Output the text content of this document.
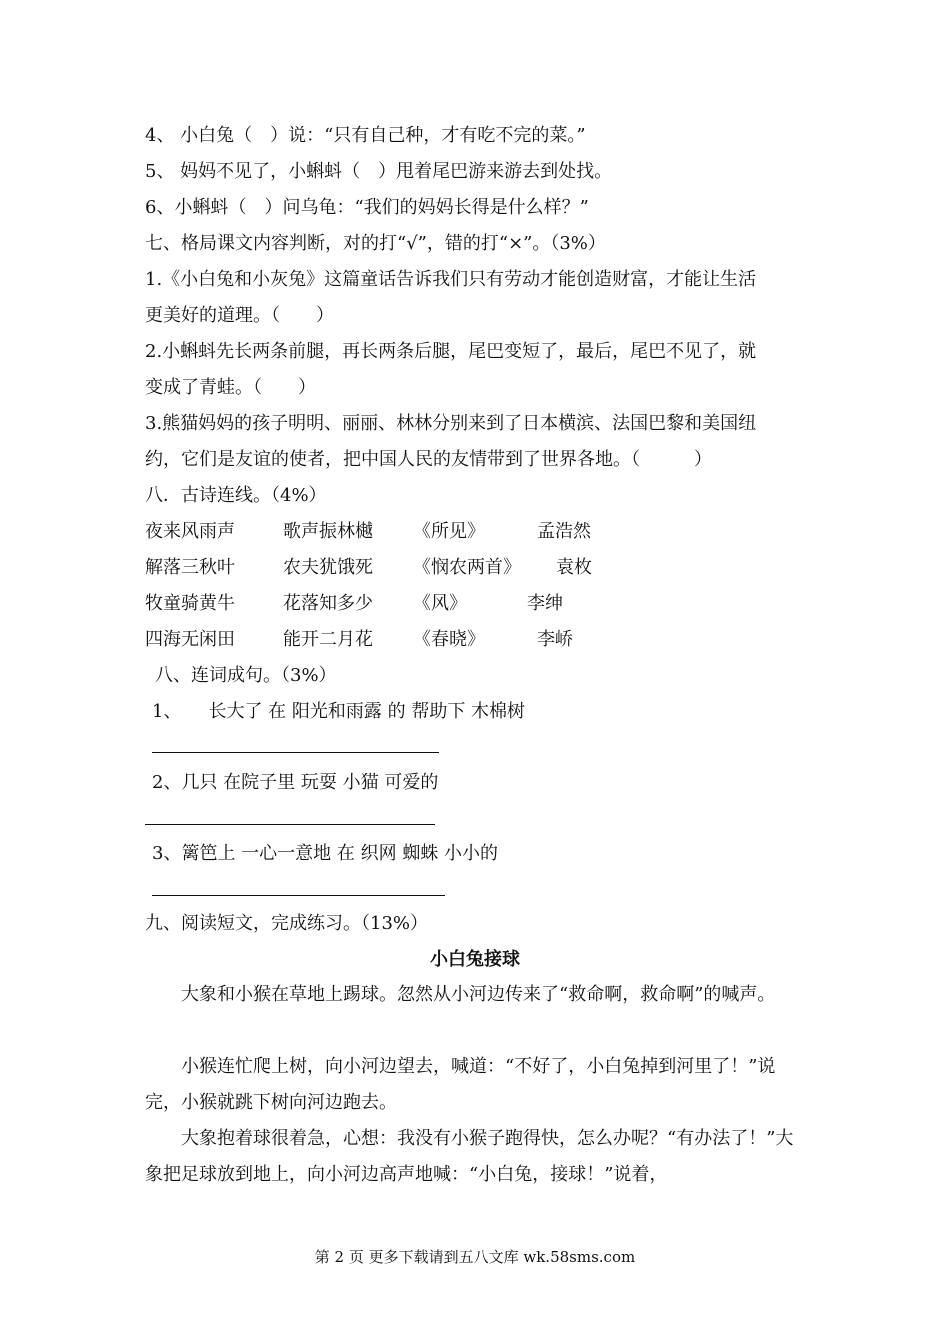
4、 小白兔（　）说：“只有自己种，才有吃不完的菜。”
5、 妈妈不见了，小蝌蚪（　）甩着尾巴游来游去到处找。
6、小蝌蚪（　）问乌龟：“我们的妈妈长得是什么样？”
七、格局课文内容判断，对的打“√”，错的打“×”。（3%）
1.《小白兔和小灰兔》这篇童话告诉我们只有劳动才能创造财富，才能让生活
更美好的道理。（　　）
2.小蝌蚪先长两条前腿，再长两条后腿，尾巴变短了，最后，尾巴不见了，就
变成了青蛙。（　　）
3.熊猫妈妈的孩子明明、丽丽、林林分别来到了日本横滨、法国巴黎和美国纽
约，它们是友谊的使者，把中国人民的友情带到了世界各地。（　　　）
八．古诗连线。（4%）
夜来风雨声	歌声振林樾 《所见》	孟浩然
解落三秋叶	农夫犹饿死 《悯农两首》 袁枚
牧童骑黄牛	花落知多少 《风》	李绅
四海无闲田	能开二月花 《春晓》	李峤
八、连词成句。（3%）
1、　　长大了 在 阳光和雨露 的 帮助下 木棉树
2、几只 在院子里 玩耍 小猫 可爱的
3、篱笆上 一心一意地 在 织网 蜘蛛 小小的
九、阅读短文，完成练习。（13%）
小白兔接球
大象和小猴在草地上踢球。忽然从小河边传来了“救命啊，救命啊”的喊声。
小猴连忙爬上树，向小河边望去，喊道：“不好了，小白兔掉到河里了！”说完，小猴就跳下树向河边跑去。
大象抱着球很着急，心想：我没有小猴子跑得快，怎么办呢？“有办法了！”大象把足球放到地上，向小河边高声地喊：“小白兔，接球！”说着，
第 2 页 更多下载请到五八文库 wk.58sms.com
